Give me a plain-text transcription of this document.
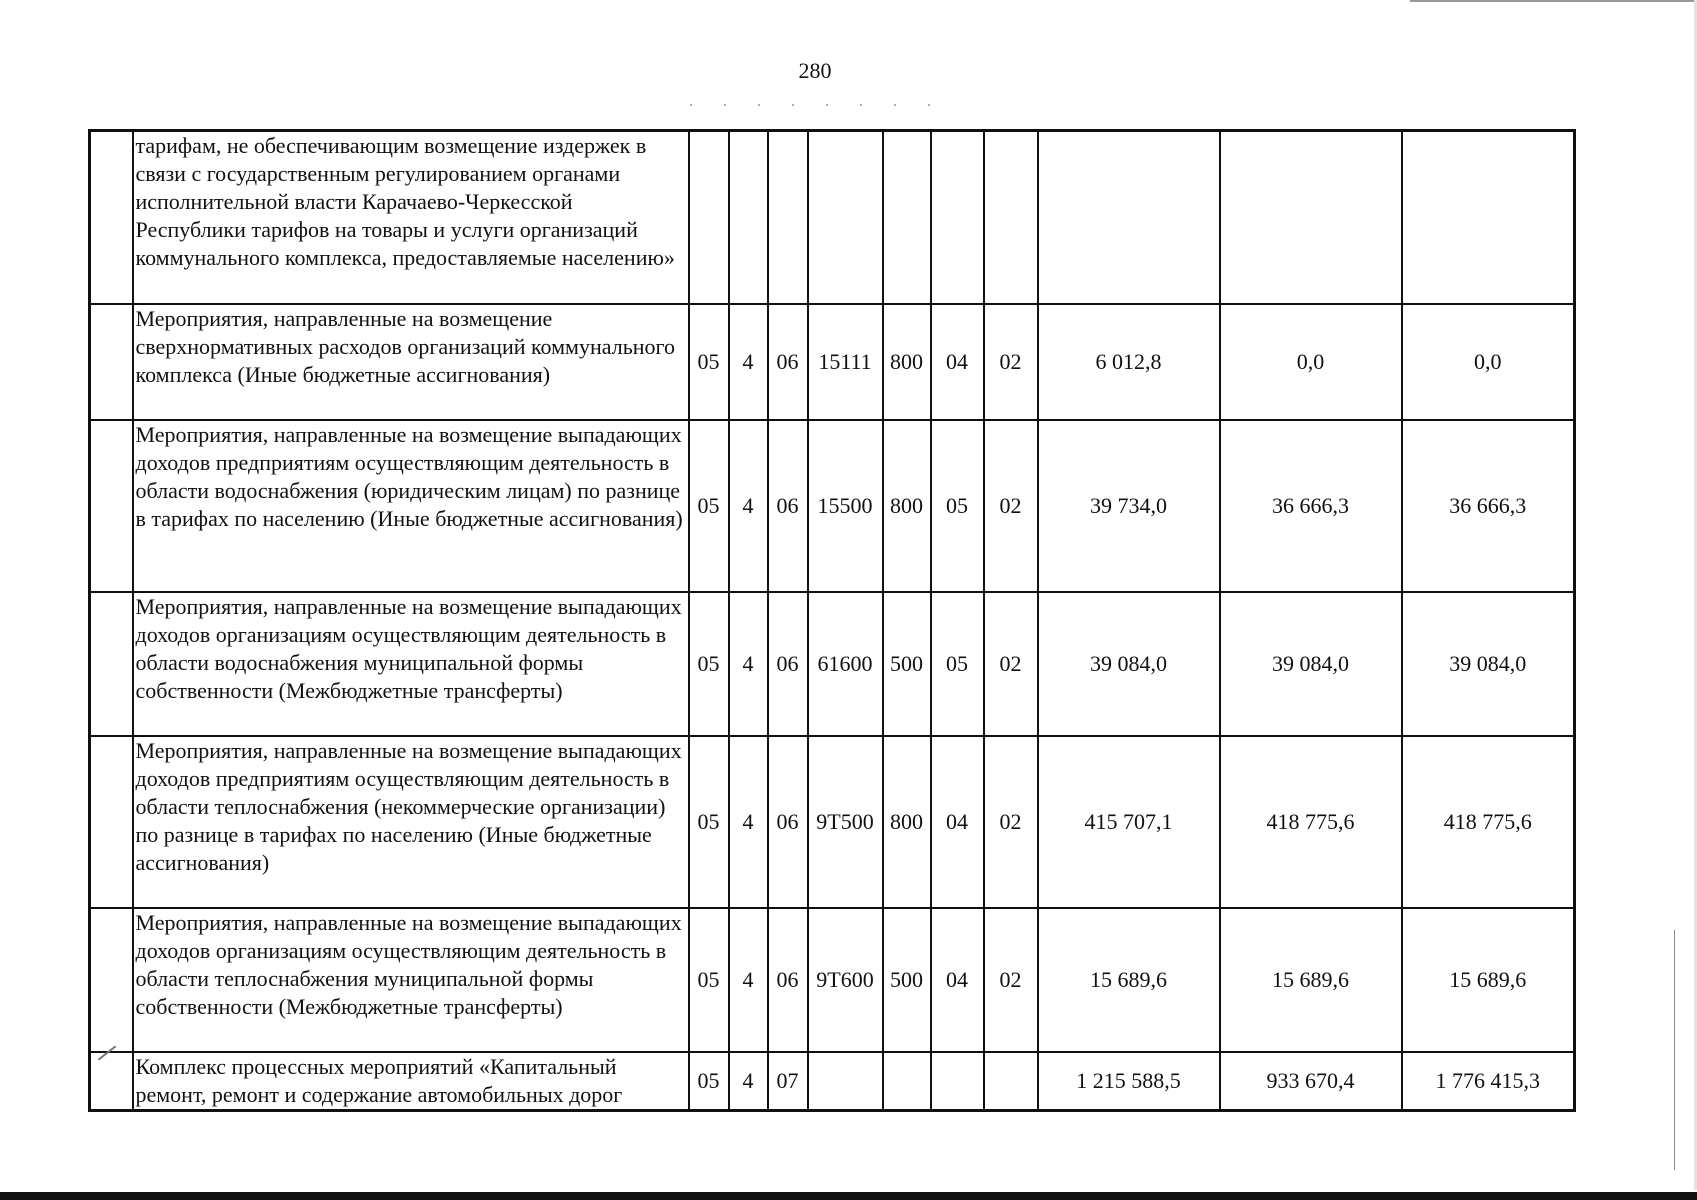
280
	тарифам, не обеспечивающим возмещение издержек в связи с государственным регулированием органами исполнительной власти Карачаево-Черкесской Республики тарифов на товары и услуги организаций коммунального комплекса, предоставляемые населению»										
	Мероприятия, направленные на возмещение сверхнормативных расходов организаций коммунального комплекса (Иные бюджетные ассигнования)	05	4	06	15111	800	04	02	6 012,8	0,0	0,0
	Мероприятия, направленные на возмещение выпадающих доходов предприятиям осуществляющим деятельность в области водоснабжения (юридическим лицам) по разнице в тарифах по населению (Иные бюджетные ассигнования)	05	4	06	15500	800	05	02	39 734,0	36 666,3	36 666,3
	Мероприятия, направленные на возмещение выпадающих доходов организациям осуществляющим деятельность в области водоснабжения муниципальной формы собственности (Межбюджетные трансферты)	05	4	06	61600	500	05	02	39 084,0	39 084,0	39 084,0
	Мероприятия, направленные на возмещение выпадающих доходов предприятиям осуществляющим деятельность в области теплоснабжения (некоммерческие организации) по разнице в тарифах по населению (Иные бюджетные ассигнования)	05	4	06	9Т500	800	04	02	415 707,1	418 775,6	418 775,6
	Мероприятия, направленные на возмещение выпадающих доходов организациям осуществляющим деятельность в области теплоснабжения муниципальной формы собственности (Межбюджетные трансферты)	05	4	06	9Т600	500	04	02	15 689,6	15 689,6	15 689,6
	Комплекс процессных мероприятий «Капитальный ремонт, ремонт и содержание автомобильных дорог	05	4	07					1 215 588,5	933 670,4	1 776 415,3
